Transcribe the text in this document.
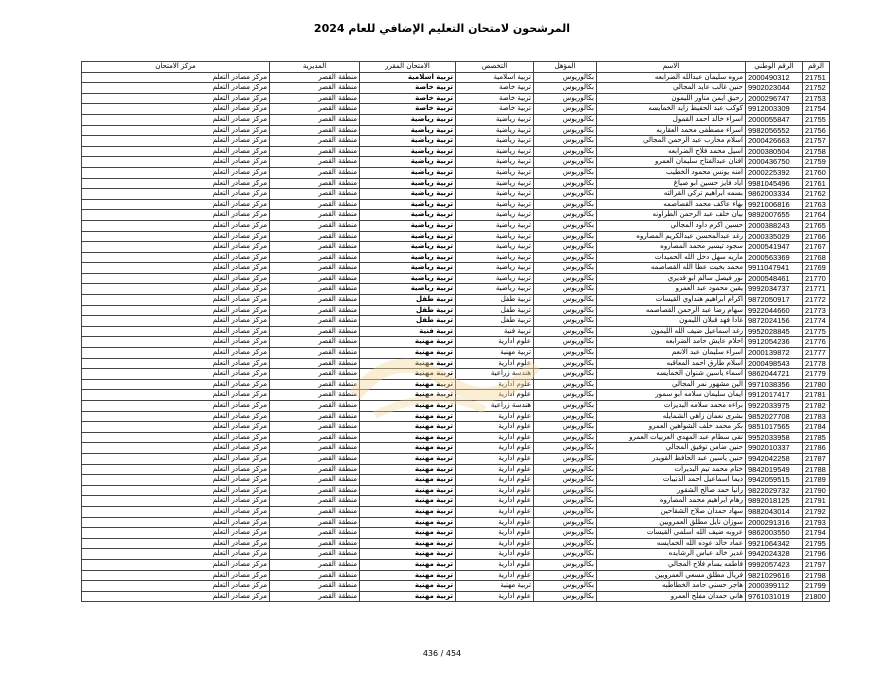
المرشحون لامتحان التعليم الإضافي للعام 2024
الرقم	الرقم الوطني	الاسم	المؤهل	التخصص	الامتحان المقرر	المديرية	مركز الامتحان
21751	2000490312	مروه سليمان عبدالله الضرابعه	بكالوريوس	تربية اسلامية	تربية اسلامية	منطقة القصر	مركز مصادر التعلم
21752	9902023044	حنين غالب عايد المجالي	بكالوريوس	تربية خاصة	تربية خاصة	منطقة القصر	مركز مصادر التعلم
21753	2000296747	رحيق ايمن مناور الليمون	بكالوريوس	تربية خاصة	تربية خاصة	منطقة القصر	مركز مصادر التعلم
21754	9912003309	كوكب عبد الحفيظ زايد الخمايسه	بكالوريوس	تربية خاصة	تربية خاصة	منطقة القصر	مركز مصادر التعلم
21755	2000055847	اسراء خالد احمد القمول	بكالوريوس	تربية رياضية	تربية رياضية	منطقة القصر	مركز مصادر التعلم
21756	9982056552	اسراء مصطفى محمد العقاربه	بكالوريوس	تربية رياضية	تربية رياضية	منطقة القصر	مركز مصادر التعلم
21757	2000426663	اسلام محارب عبد الرحمن المجالي	بكالوريوس	تربية رياضية	تربية رياضية	منطقة القصر	مركز مصادر التعلم
21758	2000380504	اسيل محمد فلاح الضرابعه	بكالوريوس	تربية رياضية	تربية رياضية	منطقة القصر	مركز مصادر التعلم
21759	2000436750	افنان عبدالفتاح سليمان العمرو	بكالوريوس	تربية رياضية	تربية رياضية	منطقة القصر	مركز مصادر التعلم
21760	2000225392	امنه يونس محمود الخطيب	بكالوريوس	تربية رياضية	تربية رياضية	منطقة القصر	مركز مصادر التعلم
21761	9981045496	اياد فايز حسين ابو صياغ	بكالوريوس	تربية رياضية	تربية رياضية	منطقة القصر	مركز مصادر التعلم
21762	9862003334	بسمه ابراهيم تركي القرالته	بكالوريوس	تربية رياضية	تربية رياضية	منطقة القصر	مركز مصادر التعلم
21763	9921006816	بهاء عاكف محمد القصاصمه	بكالوريوس	تربية رياضية	تربية رياضية	منطقة القصر	مركز مصادر التعلم
21764	9892007655	بيان خلف عبد الرحمن الطراونه	بكالوريوس	تربية رياضية	تربية رياضية	منطقة القصر	مركز مصادر التعلم
21765	2000388243	حسين اكرم داود المجالي	بكالوريوس	تربية رياضية	تربية رياضية	منطقة القصر	مركز مصادر التعلم
21766	2000335029	رغد عبدالمحسن عبدالكريم المصاروه	بكالوريوس	تربية رياضية	تربية رياضية	منطقة القصر	مركز مصادر التعلم
21767	2000541947	سجود تيسير محمد المصاروه	بكالوريوس	تربية رياضية	تربية رياضية	منطقة القصر	مركز مصادر التعلم
21768	2000563369	ماريه سهل دخل الله الحميدات	بكالوريوس	تربية رياضية	تربية رياضية	منطقة القصر	مركز مصادر التعلم
21769	9911047941	محمد بخيت عطا الله القصاصمه	بكالوريوس	تربية رياضية	تربية رياضية	منطقة القصر	مركز مصادر التعلم
21770	2000548461	نور فيصل سالم ابو قديري	بكالوريوس	تربية رياضية	تربية رياضية	منطقة القصر	مركز مصادر التعلم
21771	9992034737	يقين محمود عبد العمرو	بكالوريوس	تربية رياضية	تربية رياضية	منطقة القصر	مركز مصادر التعلم
21772	9872050917	اكرام ابراهيم هنداوي القيسات	بكالوريوس	تربية طفل	تربية طفل	منطقة القصر	مركز مصادر التعلم
21773	9922044660	سهام رضا عبد الرحمن القصاصمه	بكالوريوس	تربية طفل	تربية طفل	منطقة القصر	مركز مصادر التعلم
21774	9872024156	غادا فهد قبلان الليمون	بكالوريوس	تربية طفل	تربية طفل	منطقة القصر	مركز مصادر التعلم
21775	9952028845	رغد اسماعيل ضيف الله الليمون	بكالوريوس	تربية فنية	تربية فنية	منطقة القصر	مركز مصادر التعلم
21776	9912054236	احلام عايش حامد الضرابعه	بكالوريوس	علوم ادارية	تربية مهنية	منطقة القصر	مركز مصادر التعلم
21777	2000139872	اسراء سليمان عبد الانعم	بكالوريوس	تربية مهنية	تربية مهنية	منطقة القصر	مركز مصادر التعلم
21778	2000498543	اسلام طارق احمد المعاقبه	بكالوريوس	علوم ادارية	تربية مهنية	منطقة القصر	مركز مصادر التعلم
21779	9862044721	اسماء ياسين شنوان الخمايسه	بكالوريوس	هندسة زراعية	تربية مهنية	منطقة القصر	مركز مصادر التعلم
21780	9971038356	الين مشهور نمر المجالي	بكالوريوس	علوم ادارية	تربية مهنية	منطقة القصر	مركز مصادر التعلم
21781	9912017417	ايمان سليمان سلامه ابو سمور	بكالوريوس	علوم ادارية	تربية مهنية	منطقة القصر	مركز مصادر التعلم
21782	9922033975	براءه محمد سلامه البديرات	بكالوريوس	هندسة زراعية	تربية مهنية	منطقة القصر	مركز مصادر التعلم
21783	9852027708	بشرى نعمان زاهي الشمايله	بكالوريوس	علوم ادارية	تربية مهنية	منطقة القصر	مركز مصادر التعلم
21784	9851017565	بكر محمد خلف الشواهين العمرو	بكالوريوس	علوم ادارية	تربية مهنية	منطقة القصر	مركز مصادر التعلم
21785	9952033958	تقى سطام عبد المهدي العربيات العمرو	بكالوريوس	علوم ادارية	تربية مهنية	منطقة القصر	مركز مصادر التعلم
21786	9902010337	حنين ضامن توفيق المجالي	بكالوريوس	علوم ادارية	تربية مهنية	منطقة القصر	مركز مصادر التعلم
21787	9942042258	حنين ياسين عبد الحافظ القويدر	بكالوريوس	علوم ادارية	تربية مهنية	منطقة القصر	مركز مصادر التعلم
21788	9842019549	ختام محمد تيم البديرات	بكالوريوس	علوم ادارية	تربية مهنية	منطقة القصر	مركز مصادر التعلم
21789	9942059515	ديما اسماعيل احمد الذنيبات	بكالوريوس	علوم ادارية	تربية مهنية	منطقة القصر	مركز مصادر التعلم
21790	9822029732	رانيا حمد صالح الشقور	بكالوريوس	علوم ادارية	تربية مهنية	منطقة القصر	مركز مصادر التعلم
21791	9892018125	رهام ابراهيم محمد المصاروه	بكالوريوس	علوم ادارية	تربية مهنية	منطقة القصر	مركز مصادر التعلم
21792	9882043014	سهاد حمدان صلاح الشقاحين	بكالوريوس	علوم ادارية	تربية مهنية	منطقة القصر	مركز مصادر التعلم
21793	2000291316	سوزان نايل مطلق العمرويين	بكالوريوس	علوم ادارية	تربية مهنية	منطقة القصر	مركز مصادر التعلم
21794	9862003550	عروبه ضيف الله اسلمي القيسات	بكالوريوس	علوم ادارية	تربية مهنية	منطقة القصر	مركز مصادر التعلم
21795	9921064342	عماد خالد عوده الله الخمايسه	بكالوريوس	علوم ادارية	تربية مهنية	منطقة القصر	مركز مصادر التعلم
21796	9942024328	غدير خالد عباس الرشايده	بكالوريوس	علوم ادارية	تربية مهنية	منطقة القصر	مركز مصادر التعلم
21797	9992057423	فاطمه بسام فلاح المجالي	بكالوريوس	علوم ادارية	تربية مهنية	منطقة القصر	مركز مصادر التعلم
21798	9821029616	فريال مطلق مسعي العمرويين	بكالوريوس	علوم ادارية	تربية مهنية	منطقة القصر	مركز مصادر التعلم
21799	2000399112	هاجر حسني حامد الخطاطبه	بكالوريوس	تربية مهنية	تربية مهنية	منطقة القصر	مركز مصادر التعلم
21800	9761031019	هاني حمدان مفلح العمرو	بكالوريوس	علوم ادارية	تربية مهنية	منطقة القصر	مركز مصادر التعلم
436 / 454
